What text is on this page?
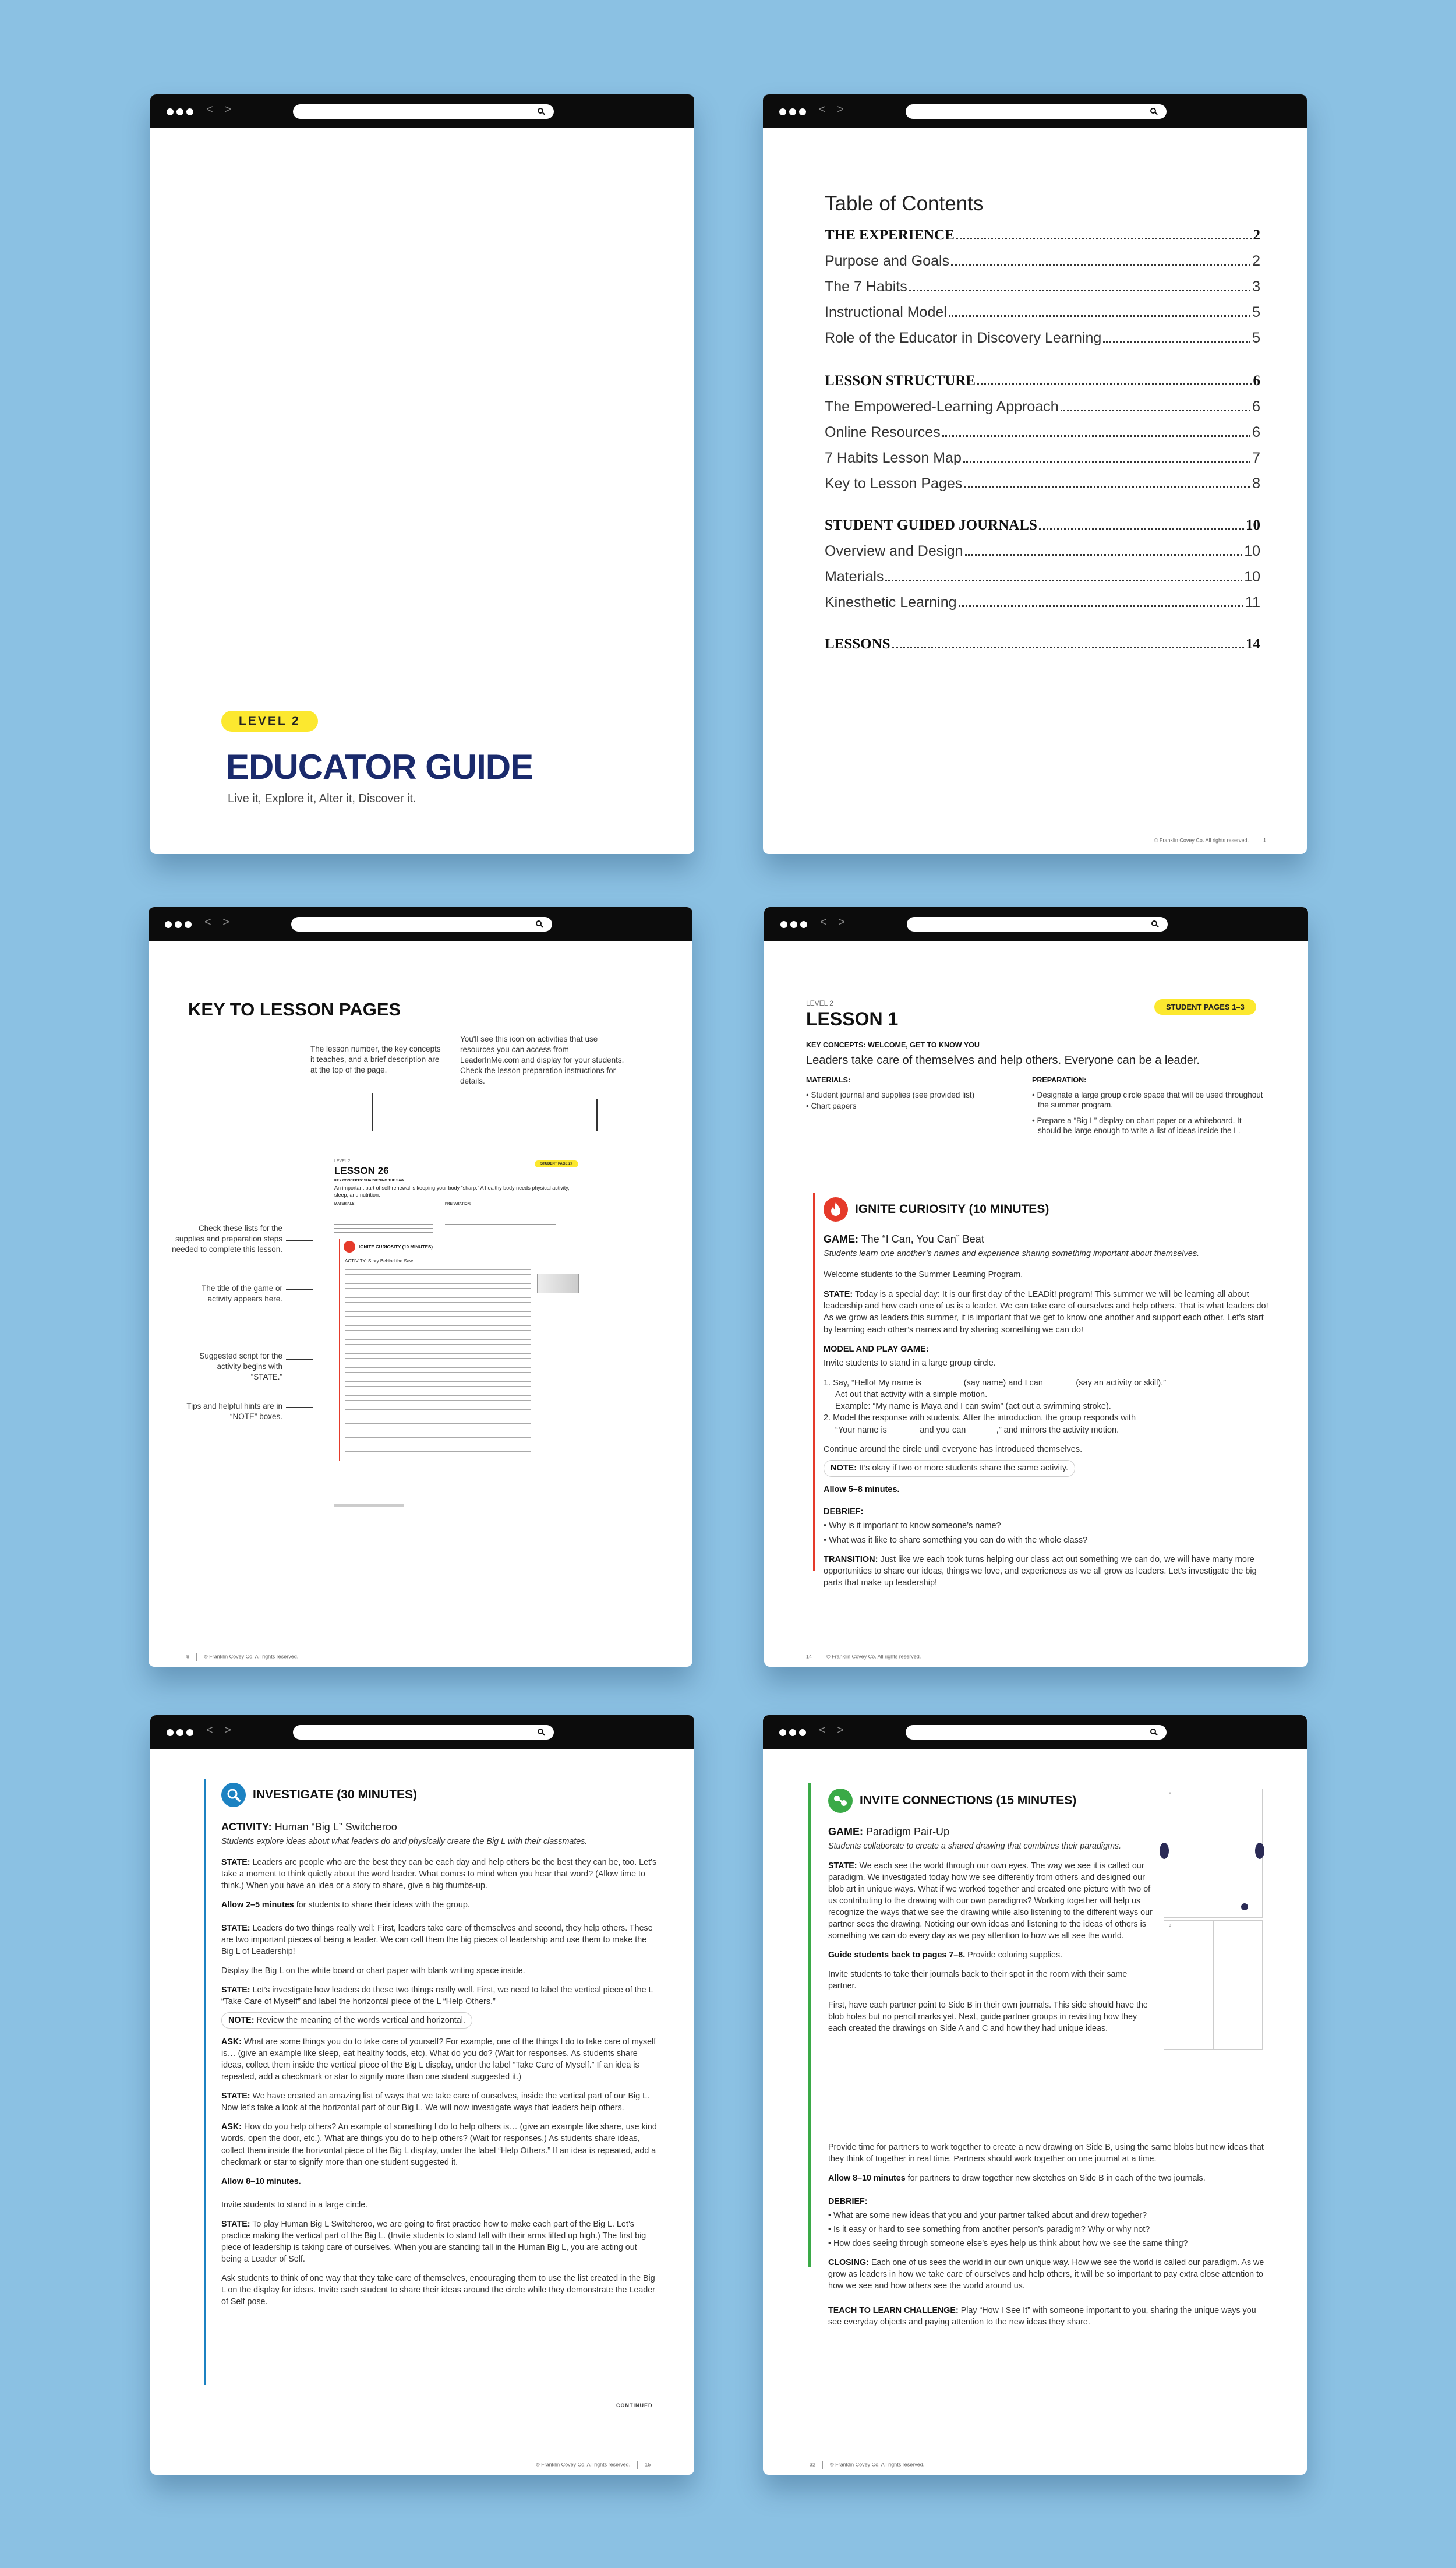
< >
LEVEL 2
EDUCATOR GUIDE
Live it, Explore it, Alter it, Discover it.
< >
Table of Contents
THE EXPERIENCE	2
Purpose and Goals	2
The 7 Habits	3
Instructional Model	5
Role of the Educator in Discovery Learning	5
LESSON STRUCTURE	6
The Empowered-Learning Approach	6
Online Resources	6
7 Habits Lesson Map	7
Key to Lesson Pages	8
STUDENT GUIDED JOURNALS	10
Overview and Design	10
Materials	10
Kinesthetic Learning	11
LESSONS	14
© Franklin Covey Co. All rights reserved.	1
< >
KEY TO LESSON PAGES
The lesson number, the key concepts it teaches, and a brief description are at the top of the page.
You'll see this icon on activities that use resources you can access from LeaderInMe.com and display for your students. Check the lesson preparation instructions for details.
Check these lists for the supplies and preparation steps needed to complete this lesson.
The title of the game or activity appears here.
Suggested script for the activity begins with “STATE.”
Tips and helpful hints are in “NOTE” boxes.
LEVEL 2
LESSON 26
STUDENT PAGE 27
KEY CONCEPTS: SHARPENING THE SAW
An important part of self-renewal is keeping your body “sharp.” A healthy body needs physical activity, sleep, and nutrition.
MATERIALS:	PREPARATION:
IGNITE CURIOSITY (10 MINUTES)
ACTIVITY: Story Behind the Saw
8	© Franklin Covey Co. All rights reserved.
< >
LEVEL 2	STUDENT PAGES 1–3
LESSON 1
KEY CONCEPTS: WELCOME, GET TO KNOW YOU
Leaders take care of themselves and help others. Everyone can be a leader.
MATERIALS:
• Student journal and supplies (see provided list)
• Chart papers
PREPARATION:
• Designate a large group circle space that will be used throughout the summer program.
• Prepare a “Big L” display on chart paper or a whiteboard. It should be large enough to write a list of ideas inside the L.
IGNITE CURIOSITY (10 MINUTES)
GAME: The “I Can, You Can” Beat

Students learn one another’s names and experience sharing something important about themselves.

Welcome students to the Summer Learning Program.

STATE: Today is a special day: It is our first day of the LEADit! program! This summer we will be learning all about leadership and how each one of us is a leader. We can take care of ourselves and help others. That is what leaders do! As we grow as leaders this summer, it is important that we get to know one another and support each other. Let’s start by learning each other’s names and by sharing something we can do!

MODEL AND PLAY GAME:

Invite students to stand in a large group circle.

1. Say, “Hello! My name is ________ (say name) and I can ______ (say an activity or skill).”
Act out that activity with a simple motion.
Example: “My name is Maya and I can swim” (act out a swimming stroke).
2. Model the response with students. After the introduction, the group responds with
“Your name is ______ and you can ______,” and mirrors the activity motion.

Continue around the circle until everyone has introduced themselves.

NOTE: It’s okay if two or more students share the same activity.

Allow 5–8 minutes.

DEBRIEF:
• Why is it important to know someone’s name?
• What was it like to share something you can do with the whole class?

TRANSITION: Just like we each took turns helping our class act out something we can do, we will have many more opportunities to share our ideas, things we love, and experiences as we all grow as leaders. Let’s investigate the big parts that make up leadership!

14	© Franklin Covey Co. All rights reserved.
< >
INVESTIGATE (30 MINUTES)
ACTIVITY: Human “Big L” Switcheroo

Students explore ideas about what leaders do and physically create the Big L with their classmates.

STATE: Leaders are people who are the best they can be each day and help others be the best they can be, too. Let’s take a moment to think quietly about the word leader. What comes to mind when you hear that word? (Allow time to think.) When you have an idea or a story to share, give a big thumbs-up.

Allow 2–5 minutes for students to share their ideas with the group.

STATE: Leaders do two things really well: First, leaders take care of themselves and second, they help others. These are two important pieces of being a leader. We can call them the big pieces of leadership and use them to make the Big L of Leadership!

Display the Big L on the white board or chart paper with blank writing space inside.

STATE: Let’s investigate how leaders do these two things really well. First, we need to label the vertical piece of the L “Take Care of Myself” and label the horizontal piece of the L “Help Others.”

NOTE: Review the meaning of the words vertical and horizontal.

ASK: What are some things you do to take care of yourself? For example, one of the things I do to take care of myself is… (give an example like sleep, eat healthy foods, etc). What do you do? (Wait for responses. As students share ideas, collect them inside the vertical piece of the Big L display, under the label “Take Care of Myself.” If an idea is repeated, add a checkmark or star to signify more than one student suggested it.)

STATE: We have created an amazing list of ways that we take care of ourselves, inside the vertical part of our Big L. Now let’s take a look at the horizontal part of our Big L. We will now investigate ways that leaders help others.

ASK: How do you help others? An example of something I do to help others is… (give an example like share, use kind words, open the door, etc.). What are things you do to help others? (Wait for responses.) As students share ideas, collect them inside the horizontal piece of the Big L display, under the label “Help Others.” If an idea is repeated, add a checkmark or star to signify more than one student suggested it.

Allow 8–10 minutes.

Invite students to stand in a large circle.

STATE: To play Human Big L Switcheroo, we are going to first practice how to make each part of the Big L. Let’s practice making the vertical part of the Big L. (Invite students to stand tall with their arms lifted up high.) The first big piece of leadership is taking care of ourselves. When you are standing tall in the Human Big L, you are acting out being a Leader of Self.

Ask students to think of one way that they take care of themselves, encouraging them to use the list created in the Big L on the display for ideas. Invite each student to share their ideas around the circle while they demonstrate the Leader of Self pose.

CONTINUED
© Franklin Covey Co. All rights reserved.	15
< >
INVITE CONNECTIONS (15 MINUTES)
GAME: Paradigm Pair-Up

Students collaborate to create a shared drawing that combines their paradigms.

STATE: We each see the world through our own eyes. The way we see it is called our paradigm. We investigated today how we see differently from others and designed our blob art in unique ways. What if we worked together and created one picture with two of us contributing to the drawing with our own paradigms? Working together will help us recognize the ways that we see the drawing while also listening to the different ways our partner sees the drawing. Noticing our own ideas and listening to the ideas of others is something we can do every day as we pay attention to how we all see the world.

Guide students back to pages 7–8. Provide coloring supplies.

Invite students to take their journals back to their spot in the room with their same partner.

First, have each partner point to Side B in their own journals. This side should have the blob holes but no pencil marks yet. Next, guide partner groups in revisiting how they each created the drawings on Side A and C and how they had unique ideas.

Provide time for partners to work together to create a new drawing on Side B, using the same blobs but new ideas that they think of together in real time. Partners should work together on one journal at a time.

Allow 8–10 minutes for partners to draw together new sketches on Side B in each of the two journals.

DEBRIEF:
• What are some new ideas that you and your partner talked about and drew together?
• Is it easy or hard to see something from another person’s paradigm? Why or why not?
• How does seeing through someone else’s eyes help us think about how we see the same thing?

CLOSING: Each one of us sees the world in our own unique way. How we see the world is called our paradigm. As we grow as leaders in how we take care of ourselves and help others, it will be so important to pay extra close attention to how we see and how others see the world around us.

TEACH TO LEARN CHALLENGE: Play “How I See It” with someone important to you, sharing the unique ways you see everyday objects and paying attention to the new ideas they share.

A
B
32	© Franklin Covey Co. All rights reserved.
